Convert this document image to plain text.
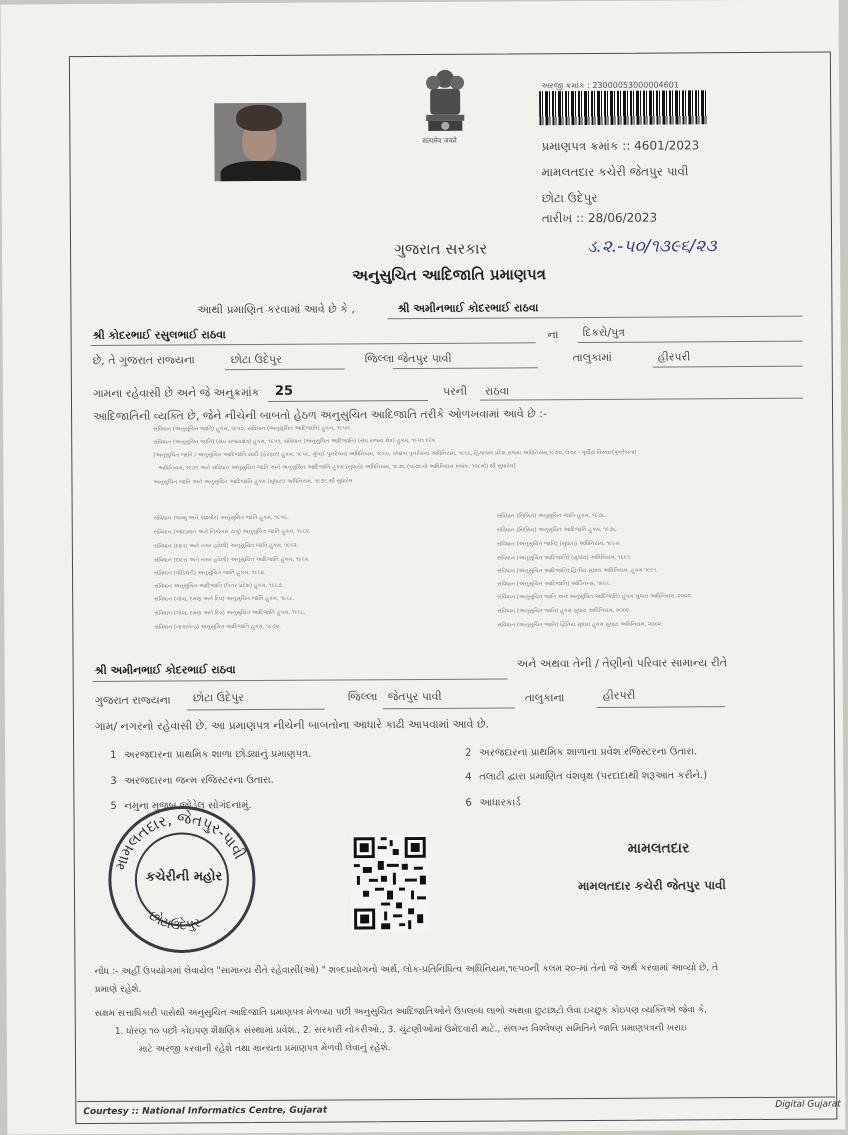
सत्यमेव जयते
અરજી ક્રમાંક : 23000053000004601
પ્રમાણપત્ર ક્રમાંક :: 4601/2023
મામલતદાર કચેરી જેતપુર પાવી
છોટા ઉદેપુર
તારીખ :: 28/06/2023
ડ.૨.-પ૦/૧૩૯૬/૨૩
ગુજરાત સરકાર
અનુસુચિત આદિજાતિ પ્રમાણપત્ર
આથી પ્રમાણિત કરવામાં આવે છે કે ,	શ્રી અમીનભાઈ કોદરભાઈ રાઠવા
શ્રી કોદરભાઈ રસુલભાઈ રાઠવા	ના દિકરો/પુત્ર
છે, તે ગુજરાત રાજ્યના	છોટા ઉદેપુર	જિલ્લા જેતપુર પાવી	તાલુકામાં	હીરપરી
ગામના રહેવાસી છે અને જે અનુક્રમાંક 25	પરની રાઠવા
આદિજાતિની વ્યક્તિ છે, જેને નીચેની બાબતો હેઠળ અનુસુચિત આદિજાતિ તરીકે ઓળખવામાં આવે છે :-
સંવિધાન (અનુસુચિત જાતિ) હુકમ, ૧૯૫૦, સંવિધાન (અનુસુચિત આદિજાતિ) હુકમ, ૧૯૫૦,
સંવિધાન (અનુસુચિત જાતિ) (સંઘ રાજ્યક્ષેત્ર) હુકમ, ૧૯૫૧, સંવિધાન (અનુસુચિત આદિજાતિ) (સંઘ રાજ્ય ક્ષેત્ર) હુકમ, ૧૯૫૧ દરેક
[અનુસુચિત જાતિ / અનુસુચિત આદિજાતિ યાદી (ફેરફાર) હુકમ, ૧૯૫૬, મુંબઈ પુનર્રચના અધિનિયમ, ૧૯૬૦, પંજાબ પુનર્રચના અધિનિયમ, ૧૯૬૬, હિમાચલ પ્રદેશ રાજ્ય અધિનિયમ,૧૯૭૦, ઉત્તર - પૂર્વીય વિસ્તાર(પુનર્રચના)
અધિનિયમ, ૧૯૭૧ અને સંવિધાન અનુસુચિત જાતિ અને અનુસુચિત આદિજાતિ હુકમ (સુધારો) અધિનિયમ, ૧૯૭૬ (૧૯૭૬નો અધિનિયમ ક્રમાંક: ૧૦૮મો) થી સુધારેલ]
અનુસુચિત જાતિ અને અનુસુચિત આદિજાતિ હુકમ (સુધારા) અધિનિયમ, ૧૯૭૬ થી સુધારેલ
સંવિધાન (જમ્મુ અને કાશ્મીર) અનુસુચિત જાતિ હુકમ, ૧૯૫૬.
સંવિધાન (આંદામાન અને નિકોબાર ટાપુ) અનુસુચિત જાતિ હુકમ, ૧૯૬૨.
સંવિધાન (દાદરા અને નગર હવેલી) અનુસુચિત જાતિ હુકમ, ૧૯૬૨.
સંવિધાન (દાદરા અને નગર હવેલી) અનુસુચિત આદિજાતિ હુકમ, ૧૯૬૨.
સંવિધાન (પોંડિચેરી) અનુસુચિત જાતિ હુકમ, ૧૯૬૪.
સંવિધાન અનુસુચિત આદિજાતિ (ઉત્તર પ્રદેશ) હુકમ, ૧૯૬૭.
સંવિધાન (ગોવા, દમણ અને દિવ) અનુસુચિત જાતિ હુકમ, ૧૯૬૮.
સંવિધાન (ગોવા, દમણ અને દિવ) અનુસુચિત આદિજાતિ હુકમ, ૧૯૬૮.
સંવિધાન (નાગાલેન્ડ) અનુસુચિત આદિજાતિ હુકમ, ૧૯૭૦.
સંવિધાન (સિક્કિમ) અનુસુચિત જાતિ હુકમ, ૧૯૭૮.
સંવિધાન (સિક્કિમ) અનુસુચિત આદિજાતિ હુકમ, ૧૯૭૮.
સંવિધાન (અનુસુચિત જાતિ) (સુધારા) અધિનિયમ, ૧૯૯૦.
સંવિધાન (અનુસુચિત આદિજાતિ) (સુધારા) અધિનિયમ, ૧૯૯૧.
સંવિધાન (અનુસુચિત આદિજાતિ) દ્વિતીય સુધારા અધિનિયમ, હુકમ ૧૯૯૧.
સંવિધાન (અનુસુચિત આદિજાતિ) ઓર્ડિનન્સ, ૧૯૯૬.
સંવિધાન (અનુસુચિત જાતિ અને અનુસુચિત આદિજાતિ) હુકમ સુધારા અધિનિયમ, ૨૦૦૨.
સંવિધાન (અનુસુચિત જાતિ) હુકમ સુધારા અધિનિયમ, ૨૦૦૨.
સંવિધાન (અનુસુચિત જાતિ) દ્વિતિય સુધારા હુકમ સુધારા અધિનિયમ, ૨૦૦૨.
શ્રી અમીનભાઈ કોદરભાઈ રાઠવા	અને અથવા તેની / તેણીનો પરિવાર સામાન્ય રીતે
ગુજરાત રાજ્યના છોટા ઉદેપુર	જિલ્લા જેતપુર પાવી	તાલુકાના	હીરપરી
ગામ/ નગરનો રહેવાસી છે. આ પ્રમાણપત્ર નીચેની બાબતોના આધારે કાઢી આપવામાં આવે છે.
1 અરજદારના પ્રાથમિક શાળા છોડ્યાનું પ્રમાણપત્ર.	2 અરજદારના પ્રાથમિક શાળાના પ્રવેશ રજિસ્ટરના ઉતારા.
3 અરજદારના જન્મ રજિસ્ટરના ઉતારા.	4 તલાટી દ્વારા પ્રમાણિત વંશવૃક્ષ (પરદાદાથી શરૂઆત કરીને.)
5 નમુના મુજબ જોડેલ સોગંદનામું.	6 આધારકાર્ડ
મામલતદાર, જેતપુર-પાવી
છોટાઉદેપુર
કચેરીની મહોર
મામલતદાર
મામલતદાર કચેરી જેતપુર પાવી
નોંધ :- અહીં ઉપયોગમાં લેવાયેલ "સામાન્ય રીતે રહેવાસી(ઓ) " શબ્દપ્રયોગનો અર્થ, લોક-પ્રતિનિધિત્વ અધિનિયમ,૧૯૫૦ની કલમ ૨૦-માં તેનો જે અર્થ કરવામાં આવ્યો છે, તે
પ્રમાણે રહેશે.
સક્ષમ સત્તાધિકારી પાસેથી અનુસુચિત આદિજાતિ પ્રમાણપત્ર મેળવ્યા પછી અનુસુચિત આદિજાતિઓને ઉપલબ્ધ લાભો અથવા છુટછાટો લેવા ઇચ્છુક કોઇપણ વ્યક્તિએ જેવા કે,
1. ધોરણ ૧૦ પછી કોઇપણ શૈક્ષણિક સંસ્થામાં પ્રવેશ., 2. સરકારી નોકરીઓ., 3. ચુંટણીઓમાં ઉમેદવારી માટે., સંલગ્ન વિશ્લેષણ સમિતિને જાતિ પ્રમાણપત્રની ખરાઇ
માટે અરજી કરવાની રહેશે તથા માન્યતા પ્રમાણપત્ર મેળવી લેવાનું રહેશે.
Courtesy :: National Informatics Centre, Gujarat
Digital Gujarat
